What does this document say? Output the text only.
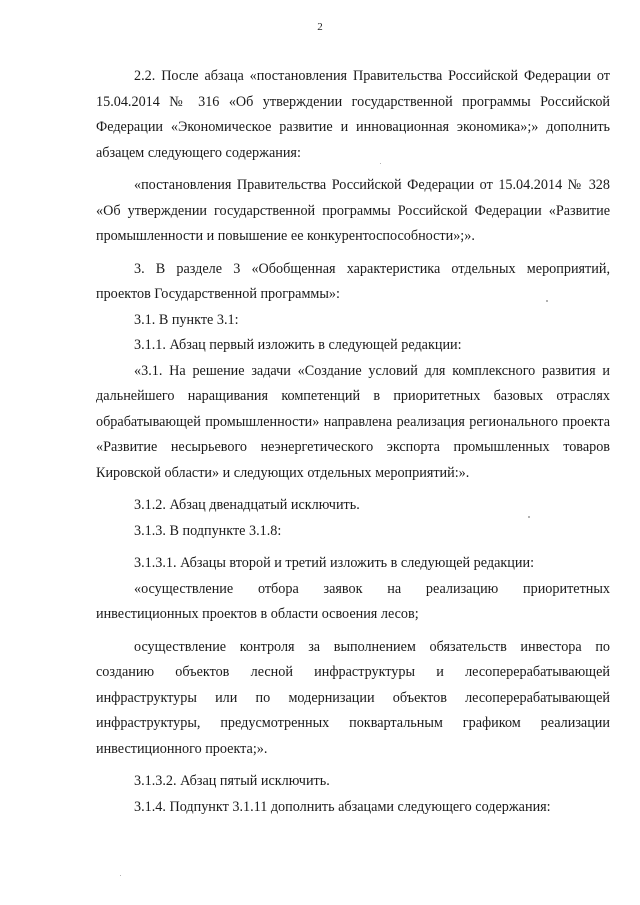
2

2.2. После абзаца «постановления Правительства Российской Федерации от 15.04.2014 № 316 «Об утверждении государственной программы Российской Федерации «Экономическое развитие и инновационная экономика»;» дополнить абзацем следующего содержания:

«постановления Правительства Российской Федерации от 15.04.2014 № 328 «Об утверждении государственной программы Российской Федерации «Развитие промышленности и повышение ее конкурентоспособности»;».

3. В разделе 3 «Обобщенная характеристика отдельных мероприятий, проектов Государственной программы»:

3.1. В пункте 3.1:

3.1.1. Абзац первый изложить в следующей редакции:

«3.1. На решение задачи «Создание условий для комплексного развития и дальнейшего наращивания компетенций в приоритетных базовых отраслях обрабатывающей промышленности» направлена реализация регионального проекта «Развитие несырьевого неэнергетического экспорта промышленных товаров Кировской области» и следующих отдельных мероприятий:».

3.1.2. Абзац двенадцатый исключить.

3.1.3. В подпункте 3.1.8:

3.1.3.1. Абзацы второй и третий изложить в следующей редакции:

«осуществление отбора заявок на реализацию приоритетных инвестиционных проектов в области освоения лесов;

осуществление контроля за выполнением обязательств инвестора по созданию объектов лесной инфраструктуры и лесоперерабатывающей инфраструктуры или по модернизации объектов лесоперерабатывающей инфраструктуры, предусмотренных поквартальным графиком реализации инвестиционного проекта;».

3.1.3.2. Абзац пятый исключить.

3.1.4. Подпункт 3.1.11 дополнить абзацами следующего содержания:
